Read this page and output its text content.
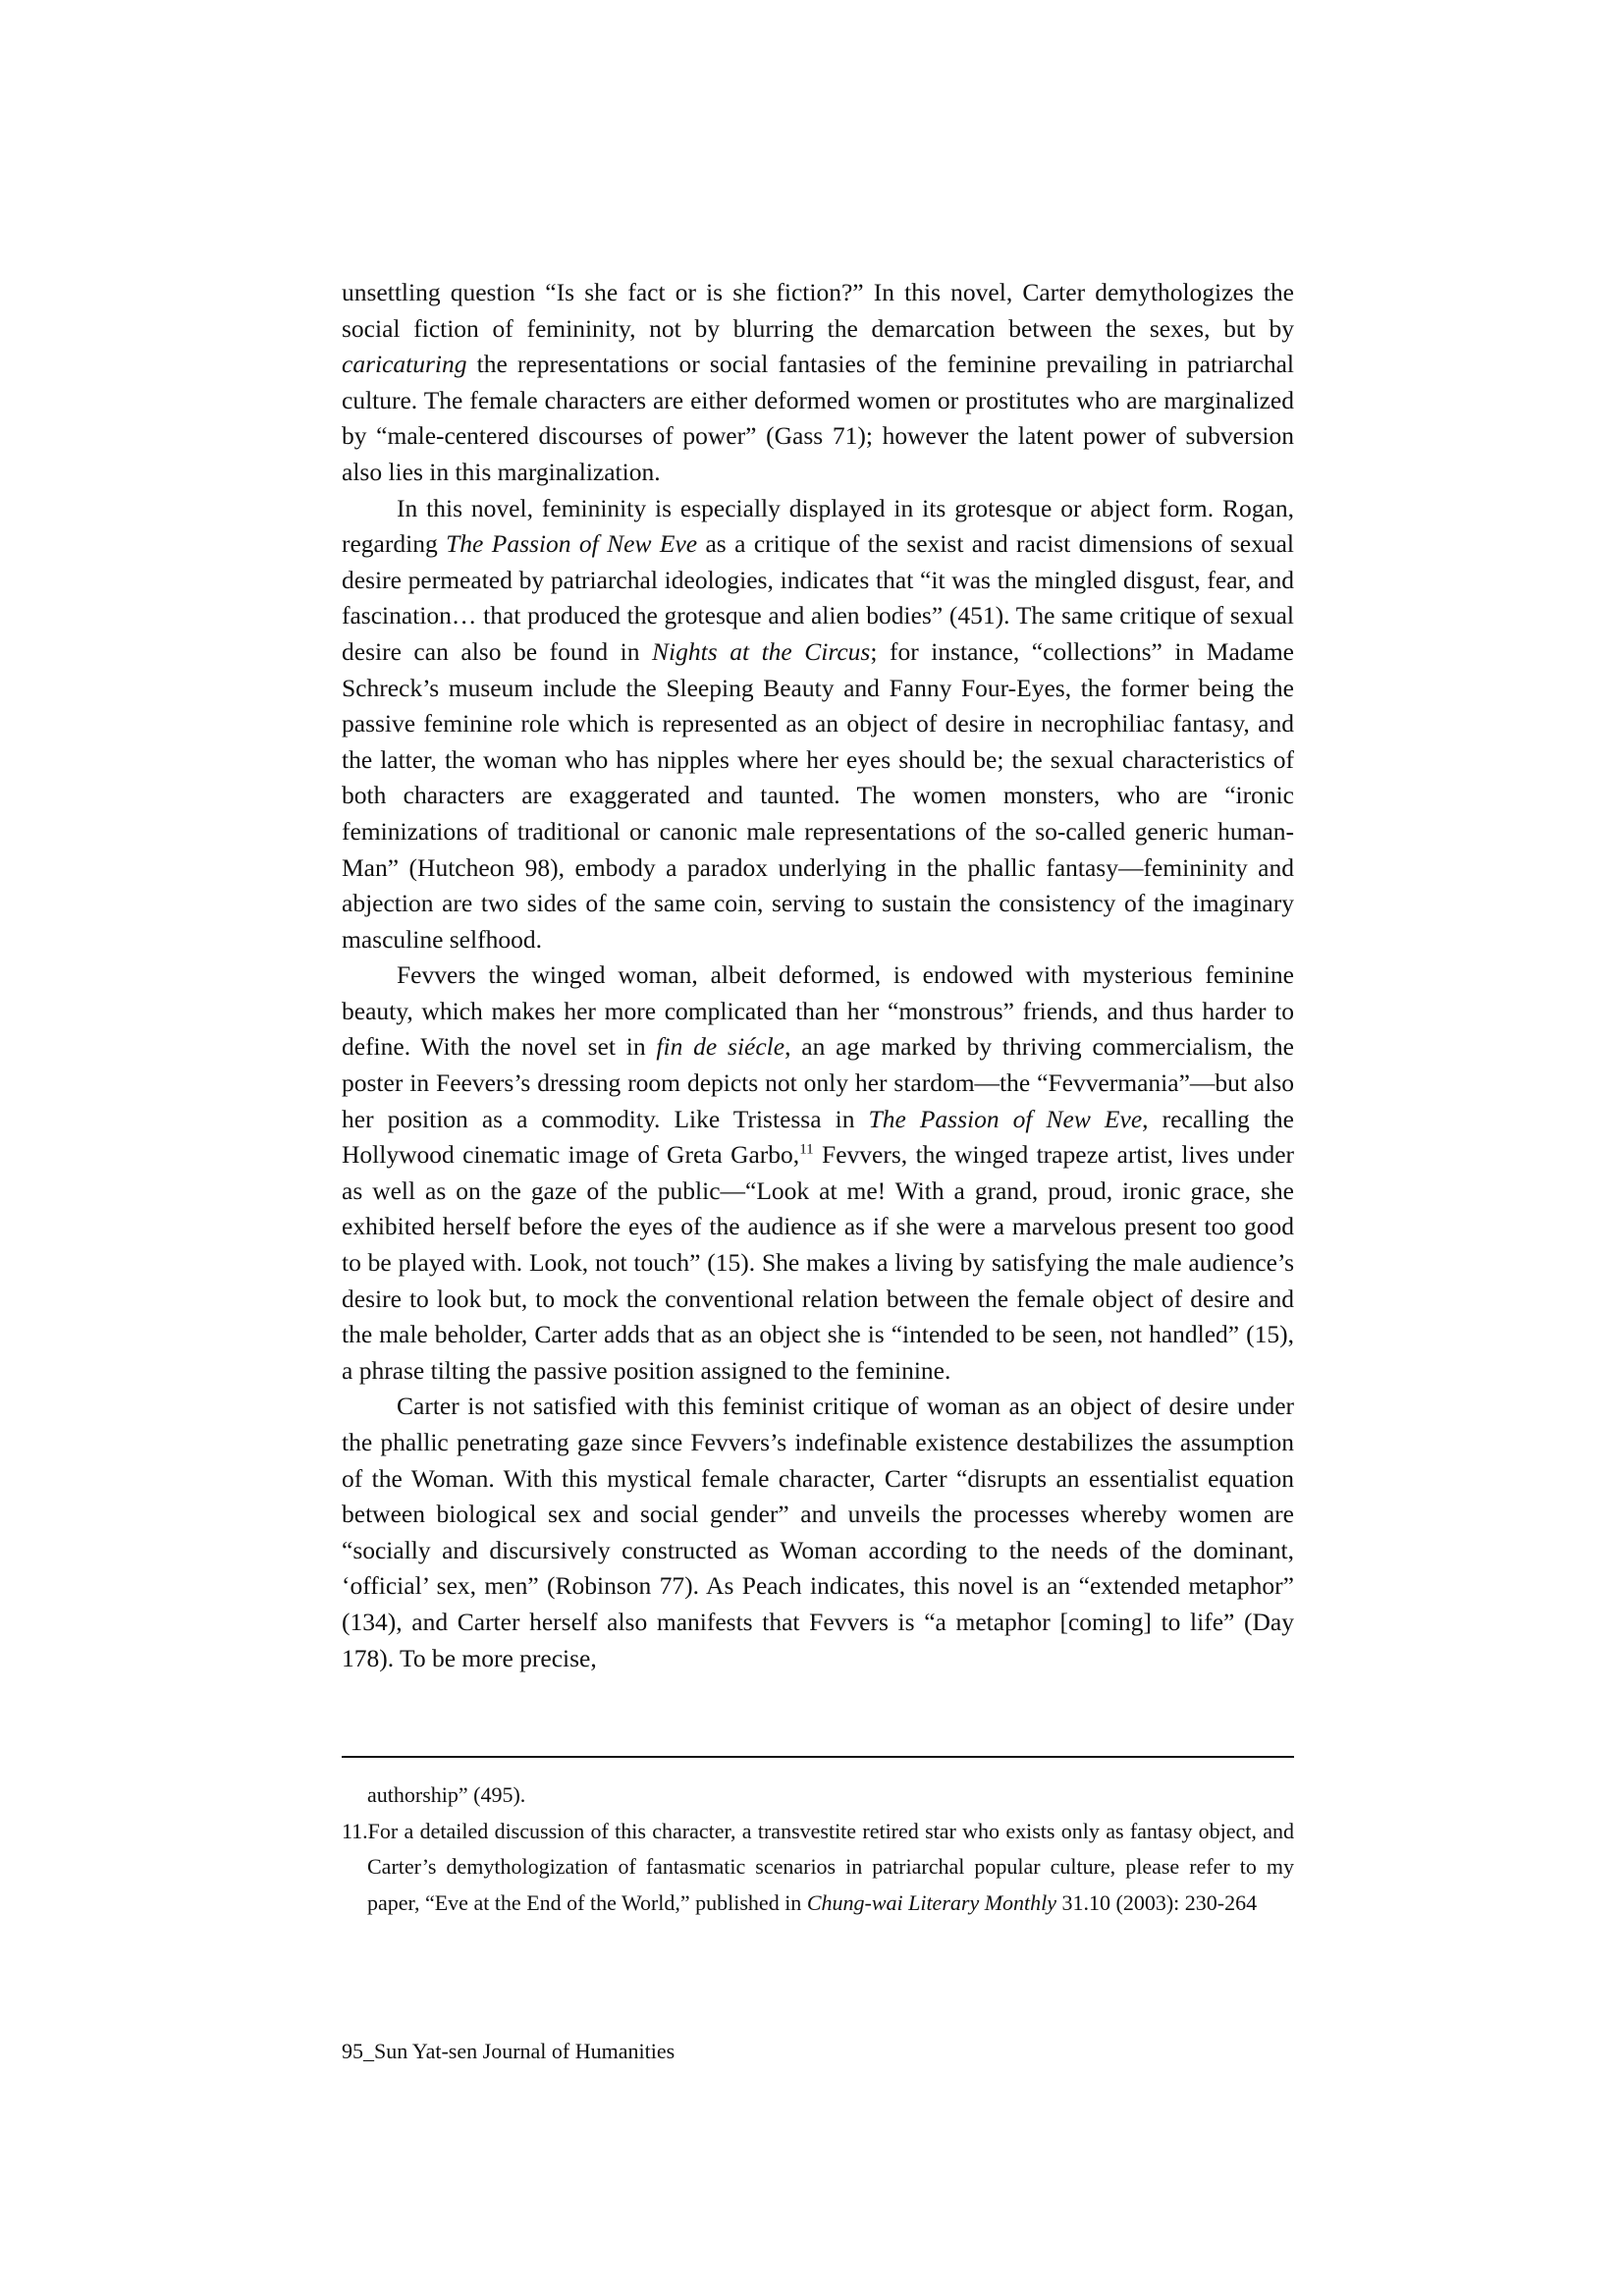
unsettling question “Is she fact or is she fiction?” In this novel, Carter demythologizes the social fiction of femininity, not by blurring the demarcation between the sexes, but by caricaturing the representations or social fantasies of the feminine prevailing in patriarchal culture. The female characters are either deformed women or prostitutes who are marginalized by “male-centered discourses of power” (Gass 71); however the latent power of subversion also lies in this marginalization.

In this novel, femininity is especially displayed in its grotesque or abject form. Rogan, regarding The Passion of New Eve as a critique of the sexist and racist dimensions of sexual desire permeated by patriarchal ideologies, indicates that “it was the mingled disgust, fear, and fascination… that produced the grotesque and alien bodies” (451). The same critique of sexual desire can also be found in Nights at the Circus; for instance, “collections” in Madame Schreck’s museum include the Sleeping Beauty and Fanny Four-Eyes, the former being the passive feminine role which is represented as an object of desire in necrophiliac fantasy, and the latter, the woman who has nipples where her eyes should be; the sexual characteristics of both characters are exaggerated and taunted. The women monsters, who are “ironic feminizations of traditional or canonic male representations of the so-called generic human-Man” (Hutcheon 98), embody a paradox underlying in the phallic fantasy—femininity and abjection are two sides of the same coin, serving to sustain the consistency of the imaginary masculine selfhood.

Fevvers the winged woman, albeit deformed, is endowed with mysterious feminine beauty, which makes her more complicated than her “monstrous” friends, and thus harder to define. With the novel set in fin de siécle, an age marked by thriving commercialism, the poster in Feevers’s dressing room depicts not only her stardom—the “Fevvermania”—but also her position as a commodity. Like Tristessa in The Passion of New Eve, recalling the Hollywood cinematic image of Greta Garbo,$^{11}$ Fevvers, the winged trapeze artist, lives under as well as on the gaze of the public—“Look at me! With a grand, proud, ironic grace, she exhibited herself before the eyes of the audience as if she were a marvelous present too good to be played with. Look, not touch” (15). She makes a living by satisfying the male audience’s desire to look but, to mock the conventional relation between the female object of desire and the male beholder, Carter adds that as an object she is “intended to be seen, not handled” (15), a phrase tilting the passive position assigned to the feminine.

Carter is not satisfied with this feminist critique of woman as an object of desire under the phallic penetrating gaze since Fevvers’s indefinable existence destabilizes the assumption of the Woman. With this mystical female character, Carter “disrupts an essentialist equation between biological sex and social gender” and unveils the processes whereby women are “socially and discursively constructed as Woman according to the needs of the dominant, ‘official’ sex, men” (Robinson 77). As Peach indicates, this novel is an “extended metaphor” (134), and Carter herself also manifests that Fevvers is “a metaphor [coming] to life” (Day 178). To be more precise,

authorship” (495).

11.For a detailed discussion of this character, a transvestite retired star who exists only as fantasy object, and Carter’s demythologization of fantasmatic scenarios in patriarchal popular culture, please refer to my paper, “Eve at the End of the World,” published in Chung-wai Literary Monthly 31.10 (2003): 230-264

95_Sun Yat-sen Journal of Humanities
